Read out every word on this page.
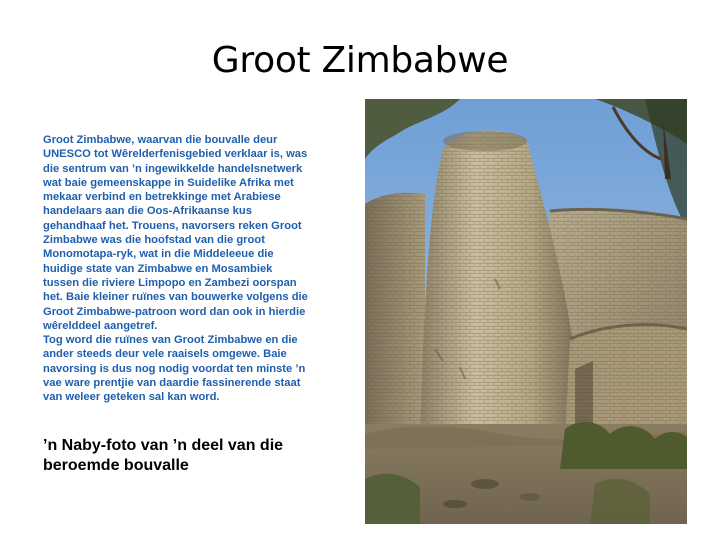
Groot Zimbabwe

Groot Zimbabwe, waarvan die bouvalle deur UNESCO tot Wêrelderfenisgebied verklaar is, was die sentrum van ’n ingewikkelde handelsnetwerk wat baie gemeenskappe in Suidelike Afrika met mekaar verbind en betrekkinge met Arabiese handelaars aan die Oos-Afrikaanse kus gehandhaaf het. Trouens, navorsers reken Groot Zimbabwe was die hoofstad van die groot Monomotapa-ryk, wat in die Middeleeue die huidige state van Zimbabwe en Mosambiek tussen die riviere Limpopo en Zambezi oorspan het. Baie kleiner ruïnes van bouwerke volgens die Groot Zimbabwe-patroon word dan ook in hierdie wêrelddeel aangetref.

Tog word die ruïnes van Groot Zimbabwe en die ander steeds deur vele raaisels omgewe. Baie navorsing is dus nog nodig voordat ten minste ’n vae ware prentjie van daardie fassinerende staat van weleer geteken sal kan word.

’n Naby-foto van ’n deel van die beroemde bouvalle
